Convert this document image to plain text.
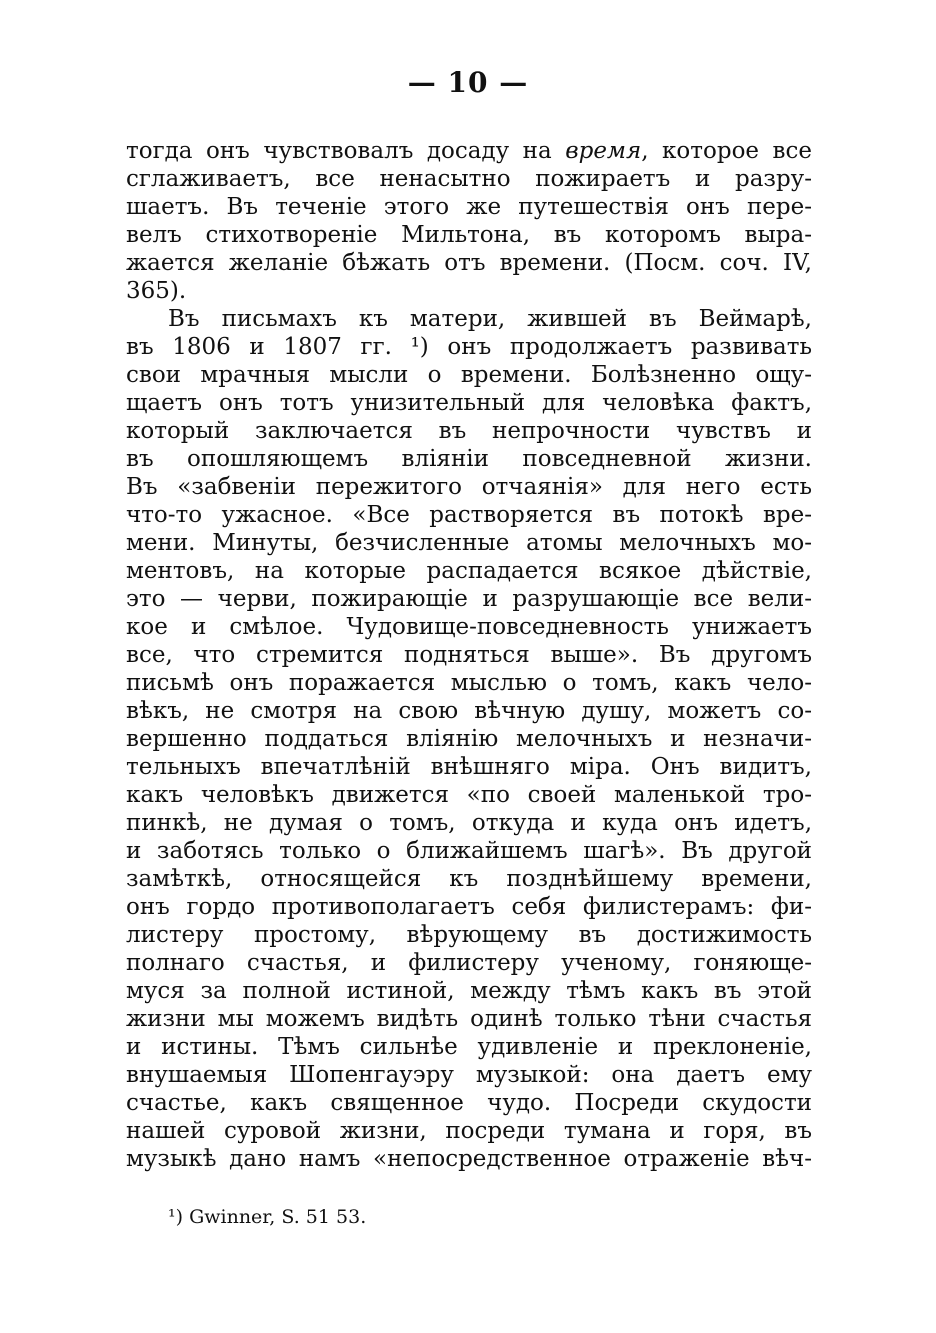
— 10 —
тогда онъ чувствовалъ досаду на время, которое все
сглаживаетъ, все ненасытно пожираетъ и разру-
шаетъ. Въ теченіе этого же путешествія онъ пере-
велъ стихотвореніе Мильтона, въ которомъ выра-
жается желаніе бѣжать отъ времени. (Посм. соч. IV,
365).
Въ письмахъ къ матери, жившей въ Веймарѣ,
въ 1806 и 1807 гг. ¹) онъ продолжаетъ развивать
свои мрачныя мысли о времени. Болѣзненно ощу-
щаетъ онъ тотъ унизительный для человѣка фактъ,
который заключается въ непрочности чувствъ и
въ опошляющемъ вліяніи повседневной жизни.
Въ «забвеніи пережитого отчаянія» для него есть
что-то ужасное. «Все растворяется въ потокѣ вре-
мени. Минуты, безчисленные атомы мелочныхъ мо-
ментовъ, на которые распадается всякое дѣйствіе,
это — черви, пожирающіе и разрушающіе все вели-
кое и смѣлое. Чудовище-повседневность унижаетъ
все, что стремится подняться выше». Въ другомъ
письмѣ онъ поражается мыслью о томъ, какъ чело-
вѣкъ, не смотря на свою вѣчную душу, можетъ со-
вершенно поддаться вліянію мелочныхъ и незначи-
тельныхъ впечатлѣній внѣшняго міра. Онъ видитъ,
какъ человѣкъ движется «по своей маленькой тро-
пинкѣ, не думая о томъ, откуда и куда онъ идетъ,
и заботясь только о ближайшемъ шагѣ». Въ другой
замѣткѣ, относящейся къ позднѣйшему времени,
онъ гордо противополагаетъ себя филистерамъ: фи-
листеру простому, вѣрующему въ достижимость
полнаго счастья, и филистеру ученому, гоняюще-
муся за полной истиной, между тѣмъ какъ въ этой
жизни мы можемъ видѣть одинѣ только тѣни счастья
и истины. Тѣмъ сильнѣе удивленіе и преклоненіе,
внушаемыя Шопенгауэру музыкой: она даетъ ему
счастье, какъ священное чудо. Посреди скудости
нашей суровой жизни, посреди тумана и горя, въ
музыкѣ дано намъ «непосредственное отраженіе вѣч-
¹) Gwinner, S. 51 53.
